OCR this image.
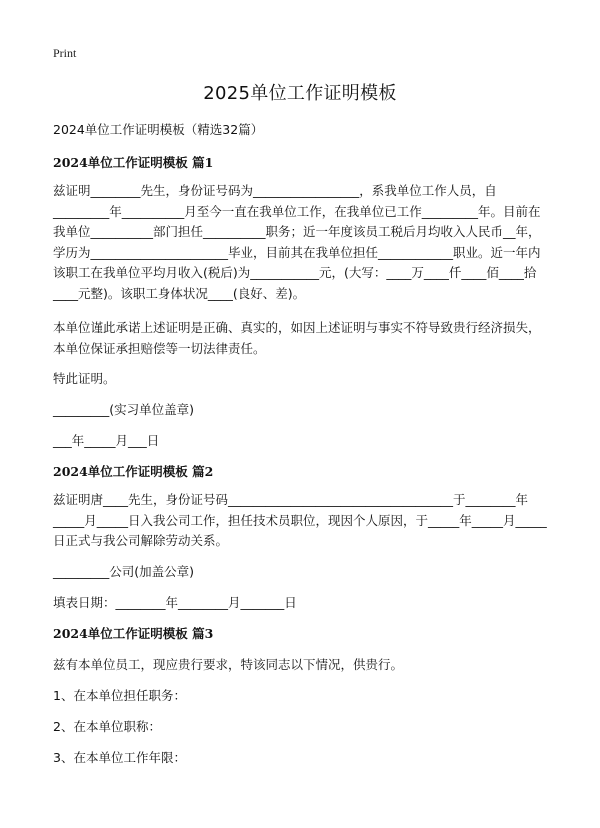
Print
2025单位工作证明模板
2024单位工作证明模板（精选32篇）
2024单位工作证明模板 篇1

兹证明________先生，身份证号码为_________________，系我单位工作人员，自_________年__________月至今一直在我单位工作，在我单位已工作_________年。目前在我单位__________部门担任__________职务；近一年度该员工税后月均收入人民币__年，学历为______________________毕业，目前其在我单位担任____________职业。近一年内该职工在我单位平均月收入(税后)为___________元，(大写：____万____仟____佰____拾____元整)。该职工身体状况____(良好、差)。

本单位谨此承诺上述证明是正确、真实的，如因上述证明与事实不符导致贵行经济损失，本单位保证承担赔偿等一切法律责任。

特此证明。
_________(实习单位盖章)
___年_____月___日
2024单位工作证明模板 篇2

兹证明唐____先生，身份证号码____________________________________于________年_____月_____日入我公司工作，担任技术员职位，现因个人原因，于_____年_____月_____日正式与我公司解除劳动关系。

_________公司(加盖公章)
填表日期：________年________月_______日
2024单位工作证明模板 篇3
兹有本单位员工，现应贵行要求，特该同志以下情况，供贵行。
1、在本单位担任职务：
2、在本单位职称：
3、在本单位工作年限：
